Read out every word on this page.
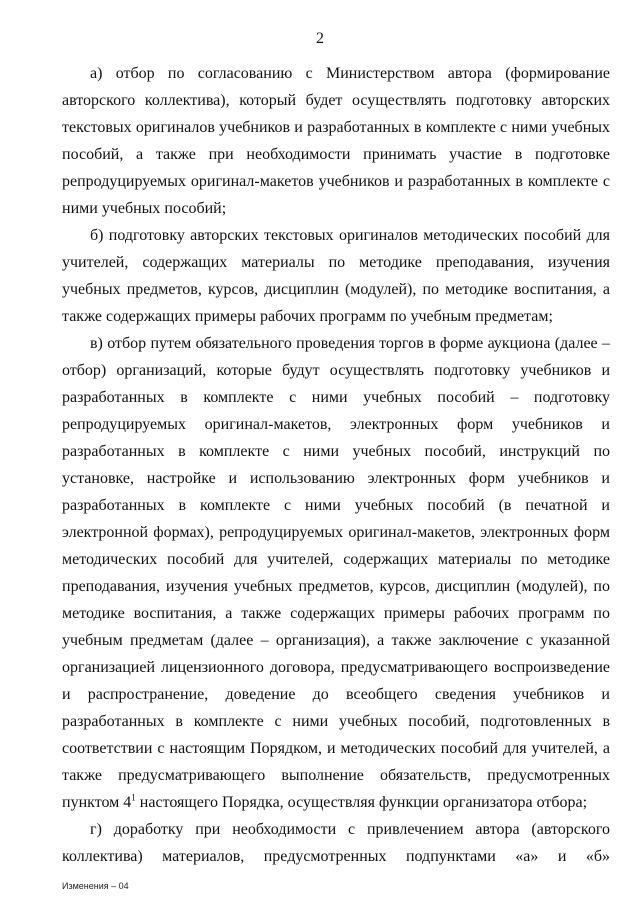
2

а) отбор по согласованию с Министерством автора (формирование авторского коллектива), который будет осуществлять подготовку авторских текстовых оригиналов учебников и разработанных в комплекте с ними учебных пособий, а также при необходимости принимать участие в подготовке репродуцируемых оригинал-макетов учебников и разработанных в комплекте с ними учебных пособий;

б) подготовку авторских текстовых оригиналов методических пособий для учителей, содержащих материалы по методике преподавания, изучения учебных предметов, курсов, дисциплин (модулей), по методике воспитания, а также содержащих примеры рабочих программ по учебным предметам;

в) отбор путем обязательного проведения торгов в форме аукциона (далее – отбор) организаций, которые будут осуществлять подготовку учебников и разработанных в комплекте с ними учебных пособий – подготовку репродуцируемых оригинал-макетов, электронных форм учебников и разработанных в комплекте с ними учебных пособий, инструкций по установке, настройке и использованию электронных форм учебников и разработанных в комплекте с ними учебных пособий (в печатной и электронной формах), репродуцируемых оригинал-макетов, электронных форм методических пособий для учителей, содержащих материалы по методике преподавания, изучения учебных предметов, курсов, дисциплин (модулей), по методике воспитания, а также содержащих примеры рабочих программ по учебным предметам (далее – организация), а также заключение с указанной организацией лицензионного договора, предусматривающего воспроизведение и распространение, доведение до всеобщего сведения учебников и разработанных в комплекте с ними учебных пособий, подготовленных в соответствии с настоящим Порядком, и методических пособий для учителей, а также предусматривающего выполнение обязательств, предусмотренных пунктом $4^1$ настоящего Порядка, осуществляя функции организатора отбора;

г) доработку при необходимости с привлечением автора (авторского коллектива) материалов, предусмотренных подпунктами «а» и «б»

Изменения – 04
